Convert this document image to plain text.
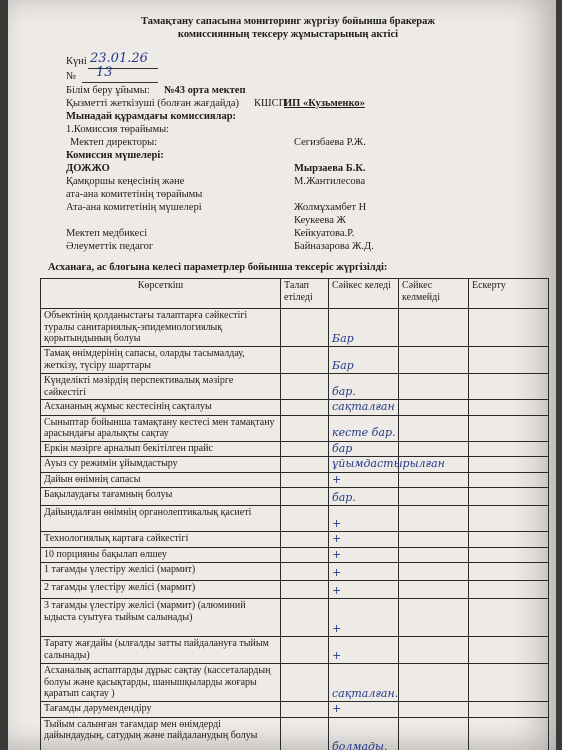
Тамақтану сапасына мониторинг жүргізу бойынша бракераж
комиссиянның тексеру жұмыстарының актісі
Күні 23.01.26
№ 13
Білім беру ұйымы: №43 орта мектеп
Қызметті жеткізуші (болған жағдайда) КШСП
ИП «Кузьменко»
Мынадай құрамдағы комиссиялар:
1.Комиссия төрайымы:
Мектеп директоры:	Сегизбаева Р.Ж.
Комиссия мүшелері:
ДОЖЖО	Мырзаева Б.К.
Қамқоршы кеңесінің және	М.Жантилесова
ата-ана комитетінің төрайымы
Ата-ана комитетінің мүшелері	Жолмұхамбет Н
Кеукеева Ж
Мектеп медбикесі	Кейкуатова.Р.
Әлеуметтік педагог	Байназарова Ж.Д.
Асханаға, ас блогына келесі параметрлер бойынша тексеріс жүргізілді:
Көрсеткіш	Талап етіледі	Сәйкес келеді	Сәйкес келмейді	Ескерту
Объектінің қолданыстағы талаптарға сәйкестігі туралы санитариялық-эпидемиологиялық қорытындының болуы		Бар		
Тамақ өнімдерінің сапасы, оларды тасымалдау, жеткізу, түсіру шарттары		Бар		
Күнделікті мәзірдің перспективалық мәзірге сәйкестігі		бар.		
Асхананың жұмыс кестесінің сақталуы		сақталған		
Сыныптар бойынша тамақтану кестесі мен тамақтану арасындағы аралықты сақтау		кесте бар.		
Еркін мәзірге арналып бекітілген прайс		бар		
Ауыз су режимін ұйымдастыру		ұйымдастырылған		
Дайын өнімнің сапасы		+		
Бақылаудағы тағамның болуы		бар.		
Дайындалған өнімнің органолептикалық қасиеті		+		
Технологиялық картаға сәйкестігі		+		
10 порцияны бақылап өлшеу		+		
1 тағамды үлестіру желісі (мармит)		+		
2 тағамды үлестіру желісі (мармит)		+		
3 тағамды үлестіру желісі (мармит) (алюминий ыдыста суытуға тыйым салынады)		+		
Тарату жағдайы (ылғалды затты пайдалануға тыйым салынады)		+		
Асханалық аспаптарды дұрыс сақтау (кассеталардың болуы және қасықтарды, шанышқыларды жоғары қаратып сақтау )		сақталған.		
Тағамды дәрумендендіру		+		
Тыйым салынған тағамдар мен өнімдерді дайындаудың, сатудың және пайдаланудың болуы		болмады.		
